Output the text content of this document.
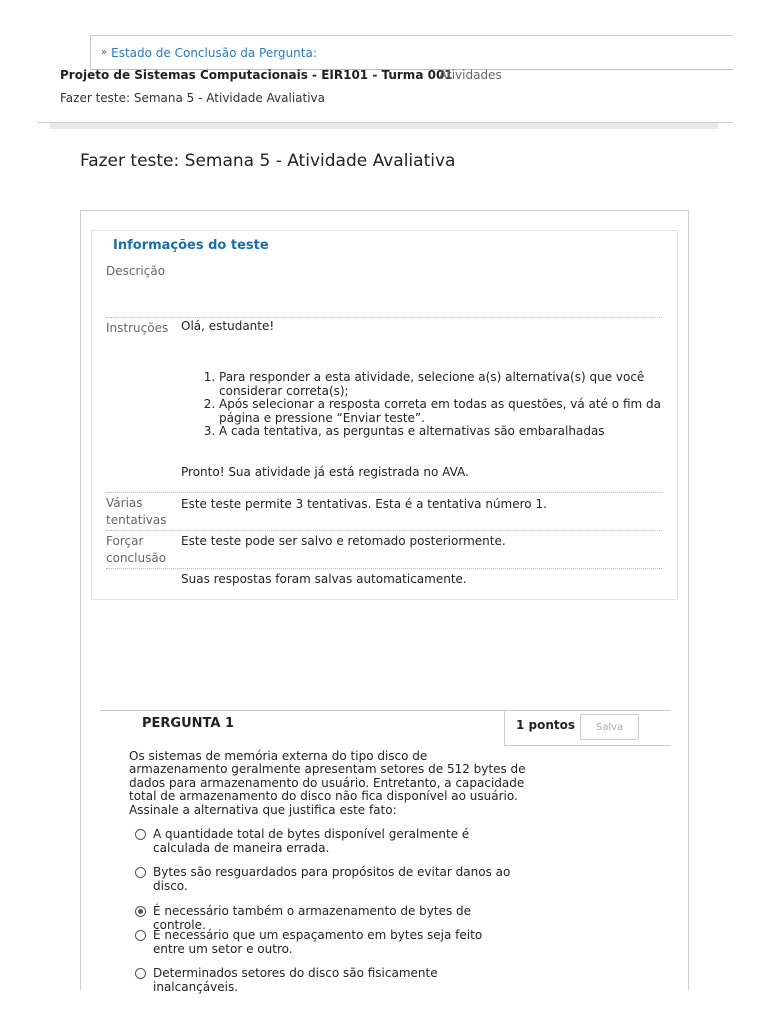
» Estado de Conclusão da Pergunta:
Projeto de Sistemas Computacionais - EIR101 - Turma 001
Atividades
Fazer teste: Semana 5 - Atividade Avaliativa
Fazer teste: Semana 5 - Atividade Avaliativa
Informações do teste
Descrição
Instruções Olá, estudante!
1. Para responder a esta atividade, selecione a(s) alternativa(s) que você considerar correta(s);
2. Após selecionar a resposta correta em todas as questões, vá até o fim da página e pressione “Enviar teste”.
3. A cada tentativa, as perguntas e alternativas são embaralhadas
Pronto! Sua atividade já está registrada no AVA.
Várias tentativas
Este teste permite 3 tentativas. Esta é a tentativa número 1.
Forçar conclusão
Este teste pode ser salvo e retomado posteriormente.
Suas respostas foram salvas automaticamente.
PERGUNTA 1	1 pontos	Salva
Os sistemas de memória externa do tipo disco de armazenamento geralmente apresentam setores de 512 bytes de dados para armazenamento do usuário. Entretanto, a capacidade total de armazenamento do disco não fica disponível ao usuário. Assinale a alternativa que justifica este fato:
A quantidade total de bytes disponível geralmente é calculada de maneira errada.
Bytes são resguardados para propósitos de evitar danos ao disco.
É necessário também o armazenamento de bytes de controle.
É necessário que um espaçamento em bytes seja feito entre um setor e outro.
Determinados setores do disco são fisicamente inalcançáveis.
